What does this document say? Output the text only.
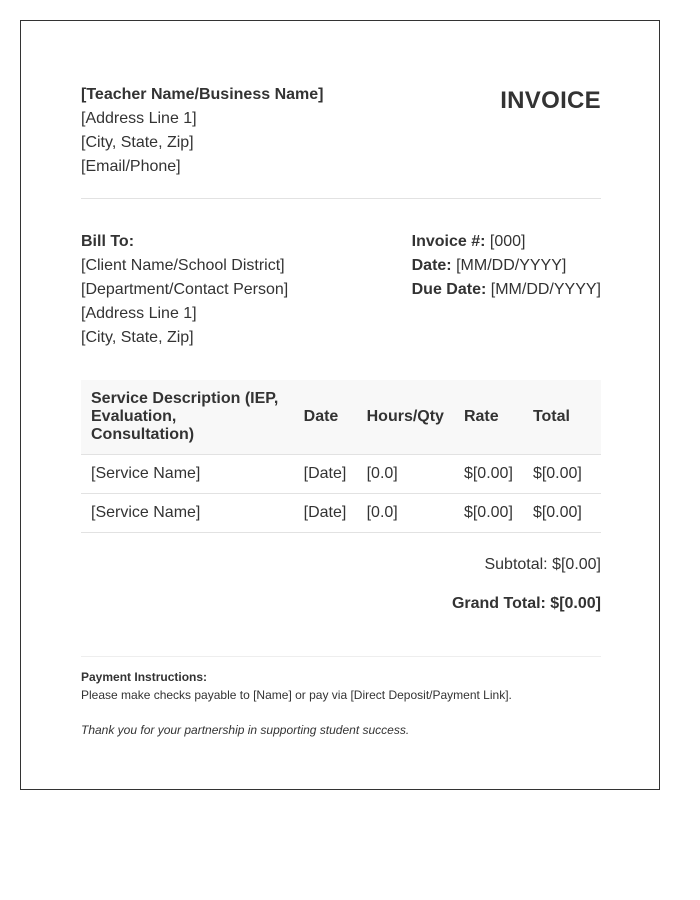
[Teacher Name/Business Name]
[Address Line 1]
[City, State, Zip]
[Email/Phone]
INVOICE
Bill To:
[Client Name/School District]
[Department/Contact Person]
[Address Line 1]
[City, State, Zip]
Invoice #: [000]
Date: [MM/DD/YYYY]
Due Date: [MM/DD/YYYY]
Service Description (IEP, Evaluation, Consultation)	Date	Hours/Qty	Rate	Total
[Service Name]	[Date]	[0.0]	$[0.00]	$[0.00]
[Service Name]	[Date]	[0.0]	$[0.00]	$[0.00]
Subtotal: $[0.00]
Grand Total: $[0.00]
Payment Instructions:
Please make checks payable to [Name] or pay via [Direct Deposit/Payment Link].
Thank you for your partnership in supporting student success.
